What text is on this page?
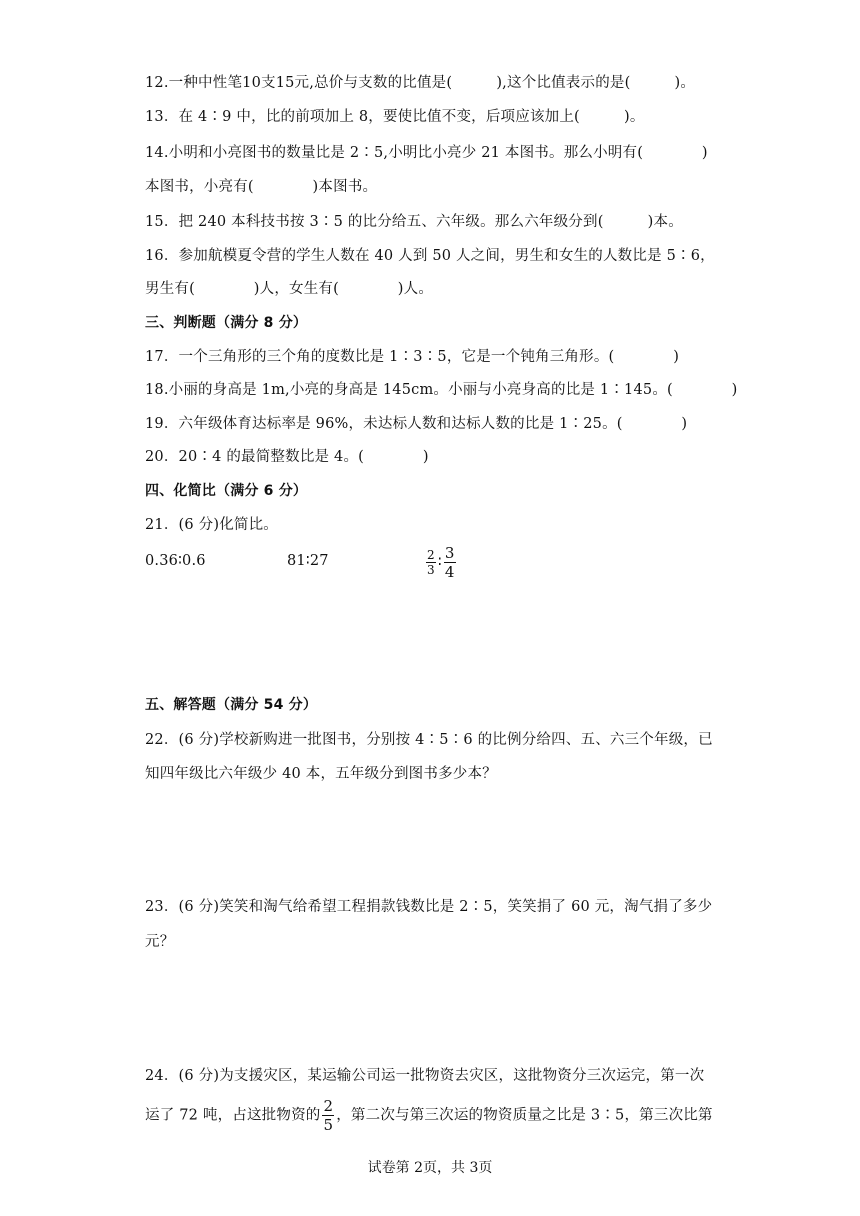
12.一种中性笔10支15元,总价与支数的比值是(　　　),这个比值表示的是(　　　)。
13．在 4∶9 中，比的前项加上 8，要使比值不变，后项应该加上(　　　)。
14.小明和小亮图书的数量比是 2∶5,小明比小亮少 21 本图书。那么小明有(　　　　)
本图书，小亮有(　　　　)本图书。
15．把 240 本科技书按 3∶5 的比分给五、六年级。那么六年级分到(　　　)本。
16．参加航模夏令营的学生人数在 40 人到 50 人之间，男生和女生的人数比是 5∶6，
男生有(　　　　)人，女生有(　　　　)人。
三、判断题（满分 8 分）
17．一个三角形的三个角的度数比是 1∶3∶5，它是一个钝角三角形。(　　　　)
18.小丽的身高是 1m,小亮的身高是 145cm。小丽与小亮身高的比是 1∶145。(　　　　)
19．六年级体育达标率是 96%，未达标人数和达标人数的比是 1∶25。(　　　　)
20．20∶4 的最简整数比是 4。(　　　　)
四、化简比（满分 6 分）
21．(6 分)化简比。
0.36∶0.6	81∶27	$\frac{2}{3}$ ∶ $\frac{3}{4}$
五、解答题（满分 54 分）
22．(6 分)学校新购进一批图书，分别按 4∶5∶6 的比例分给四、五、六三个年级，已
知四年级比六年级少 40 本，五年级分到图书多少本？
23．(6 分)笑笑和淘气给希望工程捐款钱数比是 2∶5，笑笑捐了 60 元，淘气捐了多少
元？
24．(6 分)为支援灾区，某运输公司运一批物资去灾区，这批物资分三次运完，第一次
运了 72 吨，占这批物资的 $\frac{2}{5}$ ，第二次与第三次运的物资质量之比是 3∶5，第三次比第
试卷第 2页，共 3页
